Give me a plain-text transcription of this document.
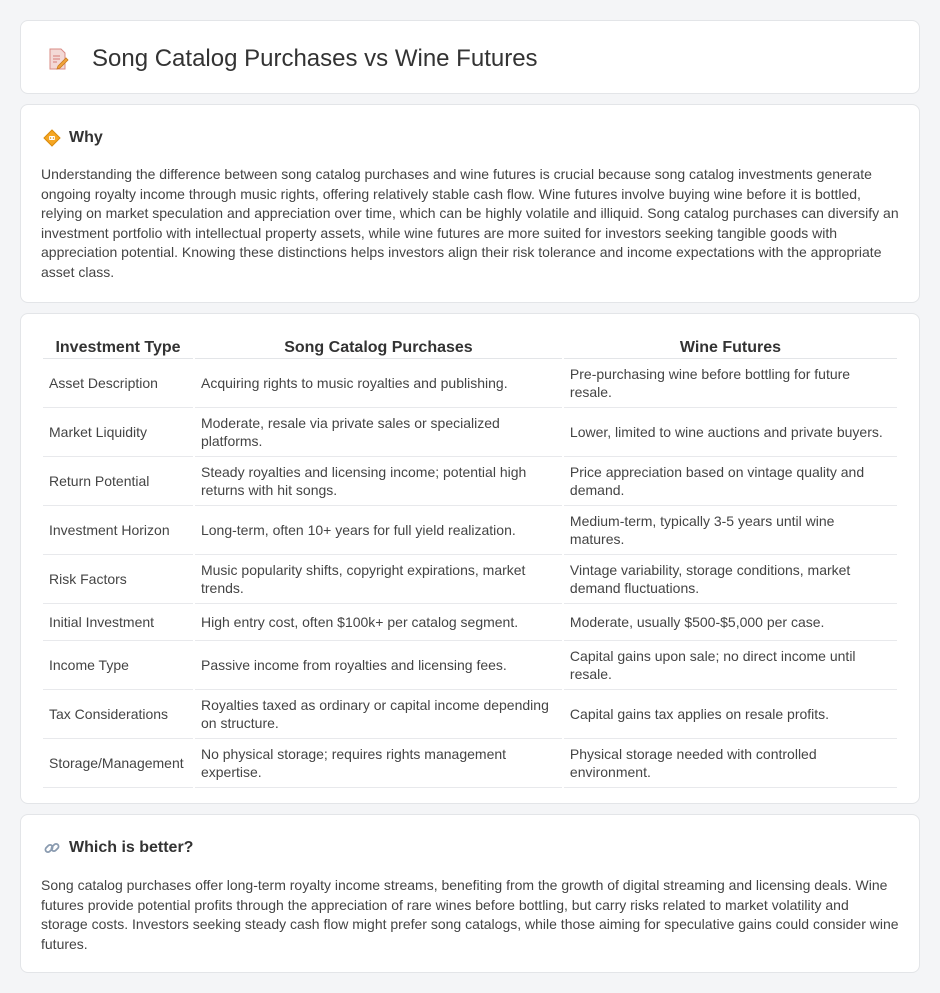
Song Catalog Purchases vs Wine Futures
Why

Understanding the difference between song catalog purchases and wine futures is crucial because song catalog investments generate ongoing royalty income through music rights, offering relatively stable cash flow. Wine futures involve buying wine before it is bottled, relying on market speculation and appreciation over time, which can be highly volatile and illiquid. Song catalog purchases can diversify an investment portfolio with intellectual property assets, while wine futures are more suited for investors seeking tangible goods with appreciation potential. Knowing these distinctions helps investors align their risk tolerance and income expectations with the appropriate asset class.

Investment Type	Song Catalog Purchases	Wine Futures
Asset Description	Acquiring rights to music royalties and publishing.	Pre-purchasing wine before bottling for future resale.
Market Liquidity	Moderate, resale via private sales or specialized platforms.	Lower, limited to wine auctions and private buyers.
Return Potential	Steady royalties and licensing income; potential high returns with hit songs.	Price appreciation based on vintage quality and demand.
Investment Horizon	Long-term, often 10+ years for full yield realization.	Medium-term, typically 3-5 years until wine matures.
Risk Factors	Music popularity shifts, copyright expirations, market trends.	Vintage variability, storage conditions, market demand fluctuations.
Initial Investment	High entry cost, often $100k+ per catalog segment.	Moderate, usually $500-$5,000 per case.
Income Type	Passive income from royalties and licensing fees.	Capital gains upon sale; no direct income until resale.
Tax Considerations	Royalties taxed as ordinary or capital income depending on structure.	Capital gains tax applies on resale profits.
Storage/Management	No physical storage; requires rights management expertise.	Physical storage needed with controlled environment.
Which is better?

Song catalog purchases offer long-term royalty income streams, benefiting from the growth of digital streaming and licensing deals. Wine futures provide potential profits through the appreciation of rare wines before bottling, but carry risks related to market volatility and storage costs. Investors seeking steady cash flow might prefer song catalogs, while those aiming for speculative gains could consider wine futures.
